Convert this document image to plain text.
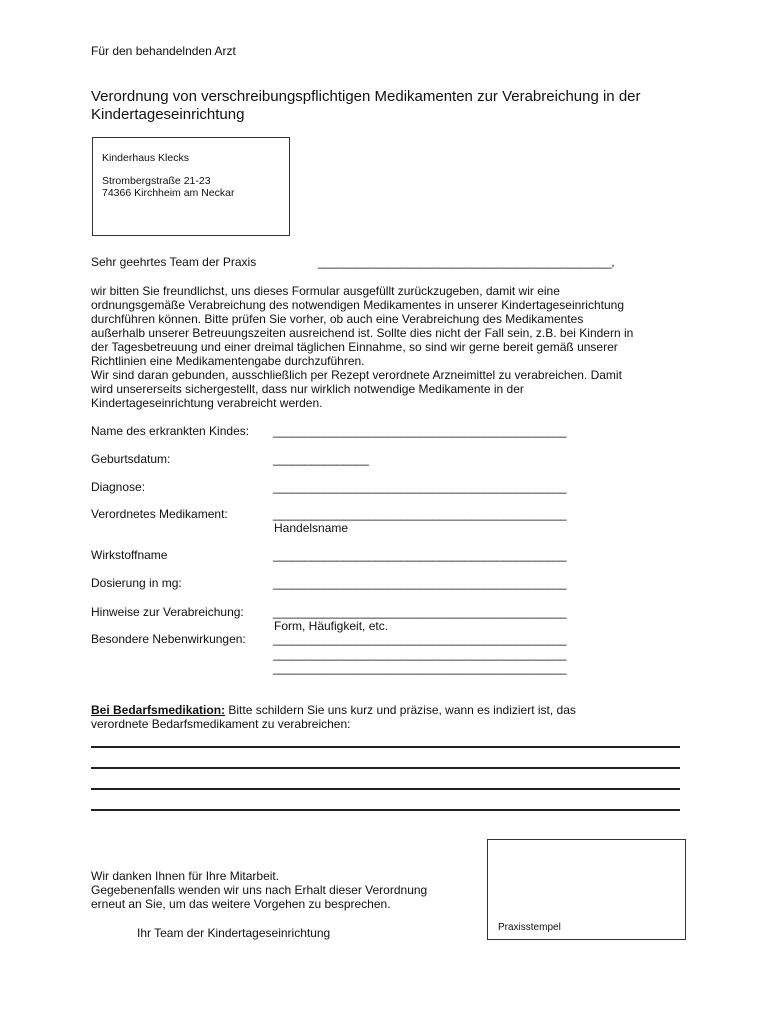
Für den behandelnden Arzt
Verordnung von verschreibungspflichtigen Medikamenten zur Verabreichung in der
Kindertageseinrichtung
Kinderhaus Klecks
Strombergstraße 21-23
74366 Kirchheim am Neckar
Sehr geehrtes Team der Praxis	______________________________________________,
wir bitten Sie freundlichst, uns dieses Formular ausgefüllt zurückzugeben, damit wir eine
ordnungsgemäße Verabreichung des notwendigen Medikamentes in unserer Kindertageseinrichtung
durchführen können. Bitte prüfen Sie vorher, ob auch eine Verabreichung des Medikamentes
außerhalb unserer Betreuungszeiten ausreichend ist. Sollte dies nicht der Fall sein, z.B. bei Kindern in
der Tagesbetreuung und einer dreimal täglichen Einnahme, so sind wir gerne bereit gemäß unserer
Richtlinien eine Medikamentengabe durchzuführen.
Wir sind daran gebunden, ausschließlich per Rezept verordnete Arzneimittel zu verabreichen. Damit
wird unsererseits sichergestellt, dass nur wirklich notwendige Medikamente in der
Kindertageseinrichtung verabreicht werden.
Name des erkrankten Kindes: ______________________________________________
Geburtsdatum:	_______________
Diagnose:	______________________________________________
Verordnetes Medikament:	______________________________________________
Handelsname
Wirkstoffname	______________________________________________
Dosierung in mg:	______________________________________________
Hinweise zur Verabreichung: ______________________________________________
Form, Häufigkeit, etc.
Besondere Nebenwirkungen: ______________________________________________
______________________________________________
______________________________________________
Bei Bedarfsmedikation: Bitte schildern Sie uns kurz und präzise, wann es indiziert ist, das
verordnete Bedarfsmedikament zu verabreichen:
Wir danken Ihnen für Ihre Mitarbeit.
Gegebenenfalls wenden wir uns nach Erhalt dieser Verordnung
erneut an Sie, um das weitere Vorgehen zu besprechen.
Ihr Team der Kindertageseinrichtung	Praxisstempel
